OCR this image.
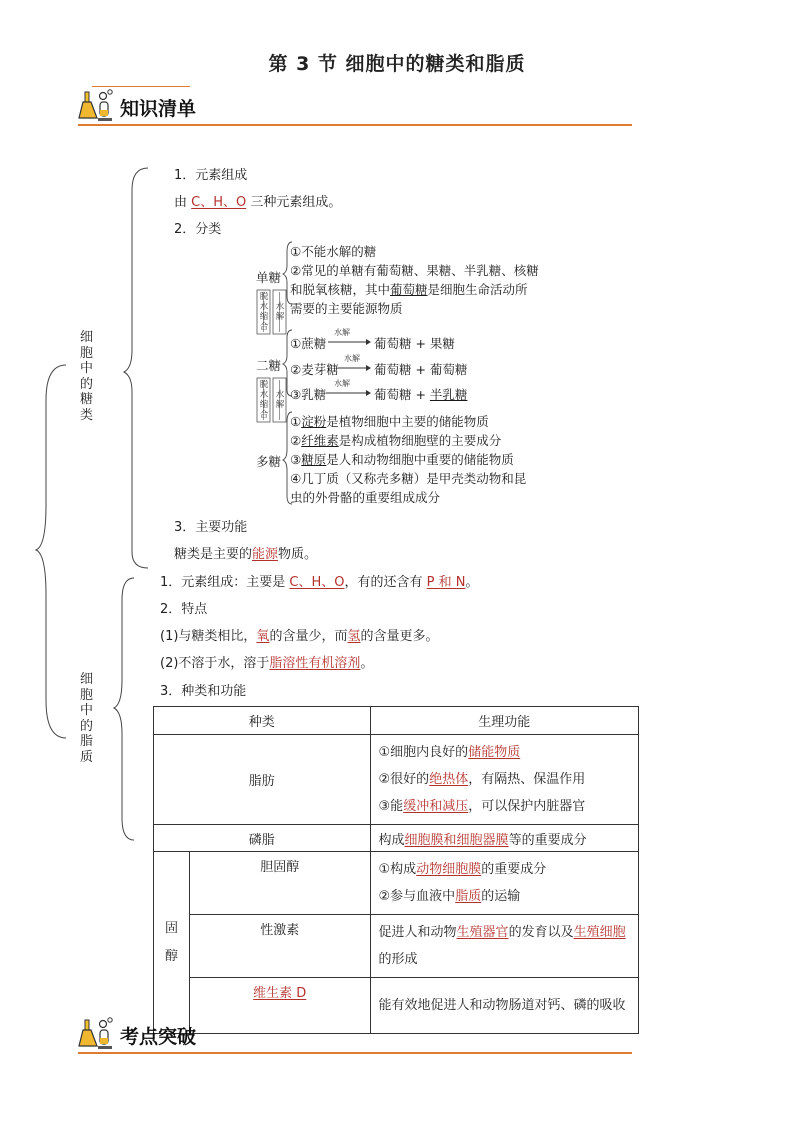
第 3 节 细胞中的糖类和脂质
知识清单
细胞中的糖类
细胞中的脂质
1．元素组成
由 C、H、O 三种元素组成。
2．分类
单糖
二糖
多糖
脱水缩合
水解
脱水缩合
水解
①不能水解的糖
②常见的单糖有葡萄糖、果糖、半乳糖、核糖
和脱氧核糖，其中葡萄糖是细胞生命活动所
需要的主要能源物质
水解
①蔗糖	葡萄糖 + 果糖
水解
②麦芽糖	葡萄糖 + 葡萄糖
水解
③乳糖	葡萄糖 + 半乳糖
①淀粉是植物细胞中主要的储能物质
②纤维素是构成植物细胞壁的主要成分
③糖原是人和动物细胞中重要的储能物质
④几丁质（又称壳多糖）是甲壳类动物和昆
虫的外骨骼的重要组成成分
3．主要功能
糖类是主要的能源物质。
1．元素组成：主要是 C、H、O，有的还含有 P 和 N。
2．特点
(1)与糖类相比，氧的含量少，而氢的含量更多。
(2)不溶于水，溶于脂溶性有机溶剂。
3．种类和功能
种类		生理功能
脂肪		①细胞内良好的储能物质
②很好的绝热体，有隔热、保温作用
③能缓冲和减压，可以保护内脏器官

磷脂		构成细胞膜和细胞器膜等的重要成分

固醇	胆固醇	①构成动物细胞膜的重要成分
②参与血液中脂质的运输

	性激素	促进人和动物生殖器官的发育以及生殖细胞的形成
	维生素 D	能有效地促进人和动物肠道对钙、磷的吸收
考点突破
